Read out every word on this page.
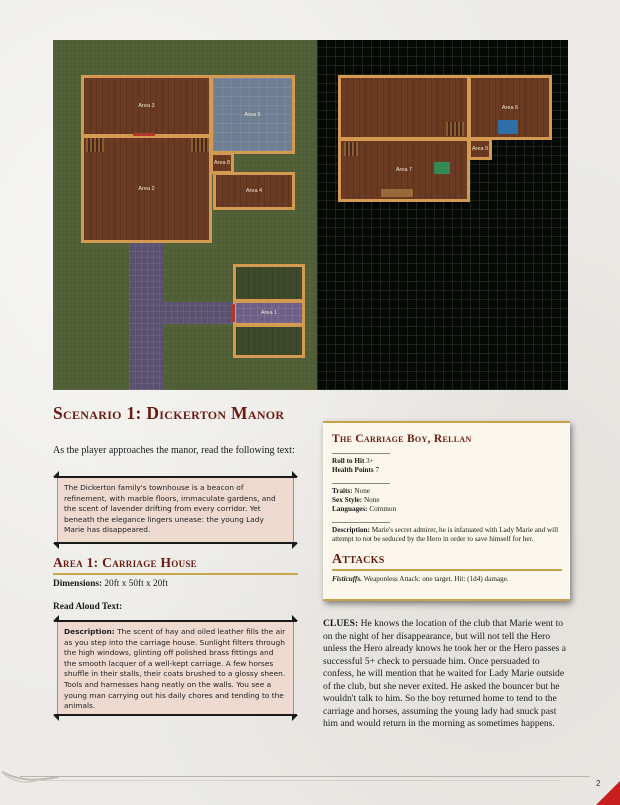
Area 3
Area 5
Area 2
Area 8
Area 4
Area 1
Area 6
Area 7
Area 9
Scenario 1: Dickerton Manor

As the player approaches the manor, read the following text:

The Dickerton family's townhouse is a beacon of refinement, with marble floors, immaculate gardens, and the scent of lavender drifting from every corridor. Yet beneath the elegance lingers unease: the young Lady Marie has disappeared.
Area 1: Carriage House

Dimensions: 20ft x 50ft x 20ft

Read Aloud Text:

Description: The scent of hay and oiled leather fills the air as you step into the carriage house. Sunlight filters through the high windows, glinting off polished brass fittings and the smooth lacquer of a well-kept carriage. A few horses shuffle in their stalls, their coats brushed to a glossy sheen. Tools and harnesses hang neatly on the walls. You see a young man carrying out his daily chores and tending to the animals.
The Carriage Boy, Rellan

Roll to Hit 3+

Health Points 7

Traits: None

Sex Style: None

Languages: Common

Description: Marie's secret admirer, he is infatuated with Lady Marie and will attempt to not be seduced by the Hero in order to save himself for her.

Attacks

Fisticuffs. Weaponless Attack: one target. Hit: (1d4) damage.

CLUES: He knows the location of the club that Marie went to on the night of her disappearance, but will not tell the Hero unless the Hero already knows he took her or the Hero passes a successful 5+ check to persuade him. Once persuaded to confess, he will mention that he waited for Lady Marie outside of the club, but she never exited. He asked the bouncer but he wouldn't talk to him. So the boy returned home to tend to the carriage and horses, assuming the young lady had snuck past him and would return in the morning as sometimes happens.

2
